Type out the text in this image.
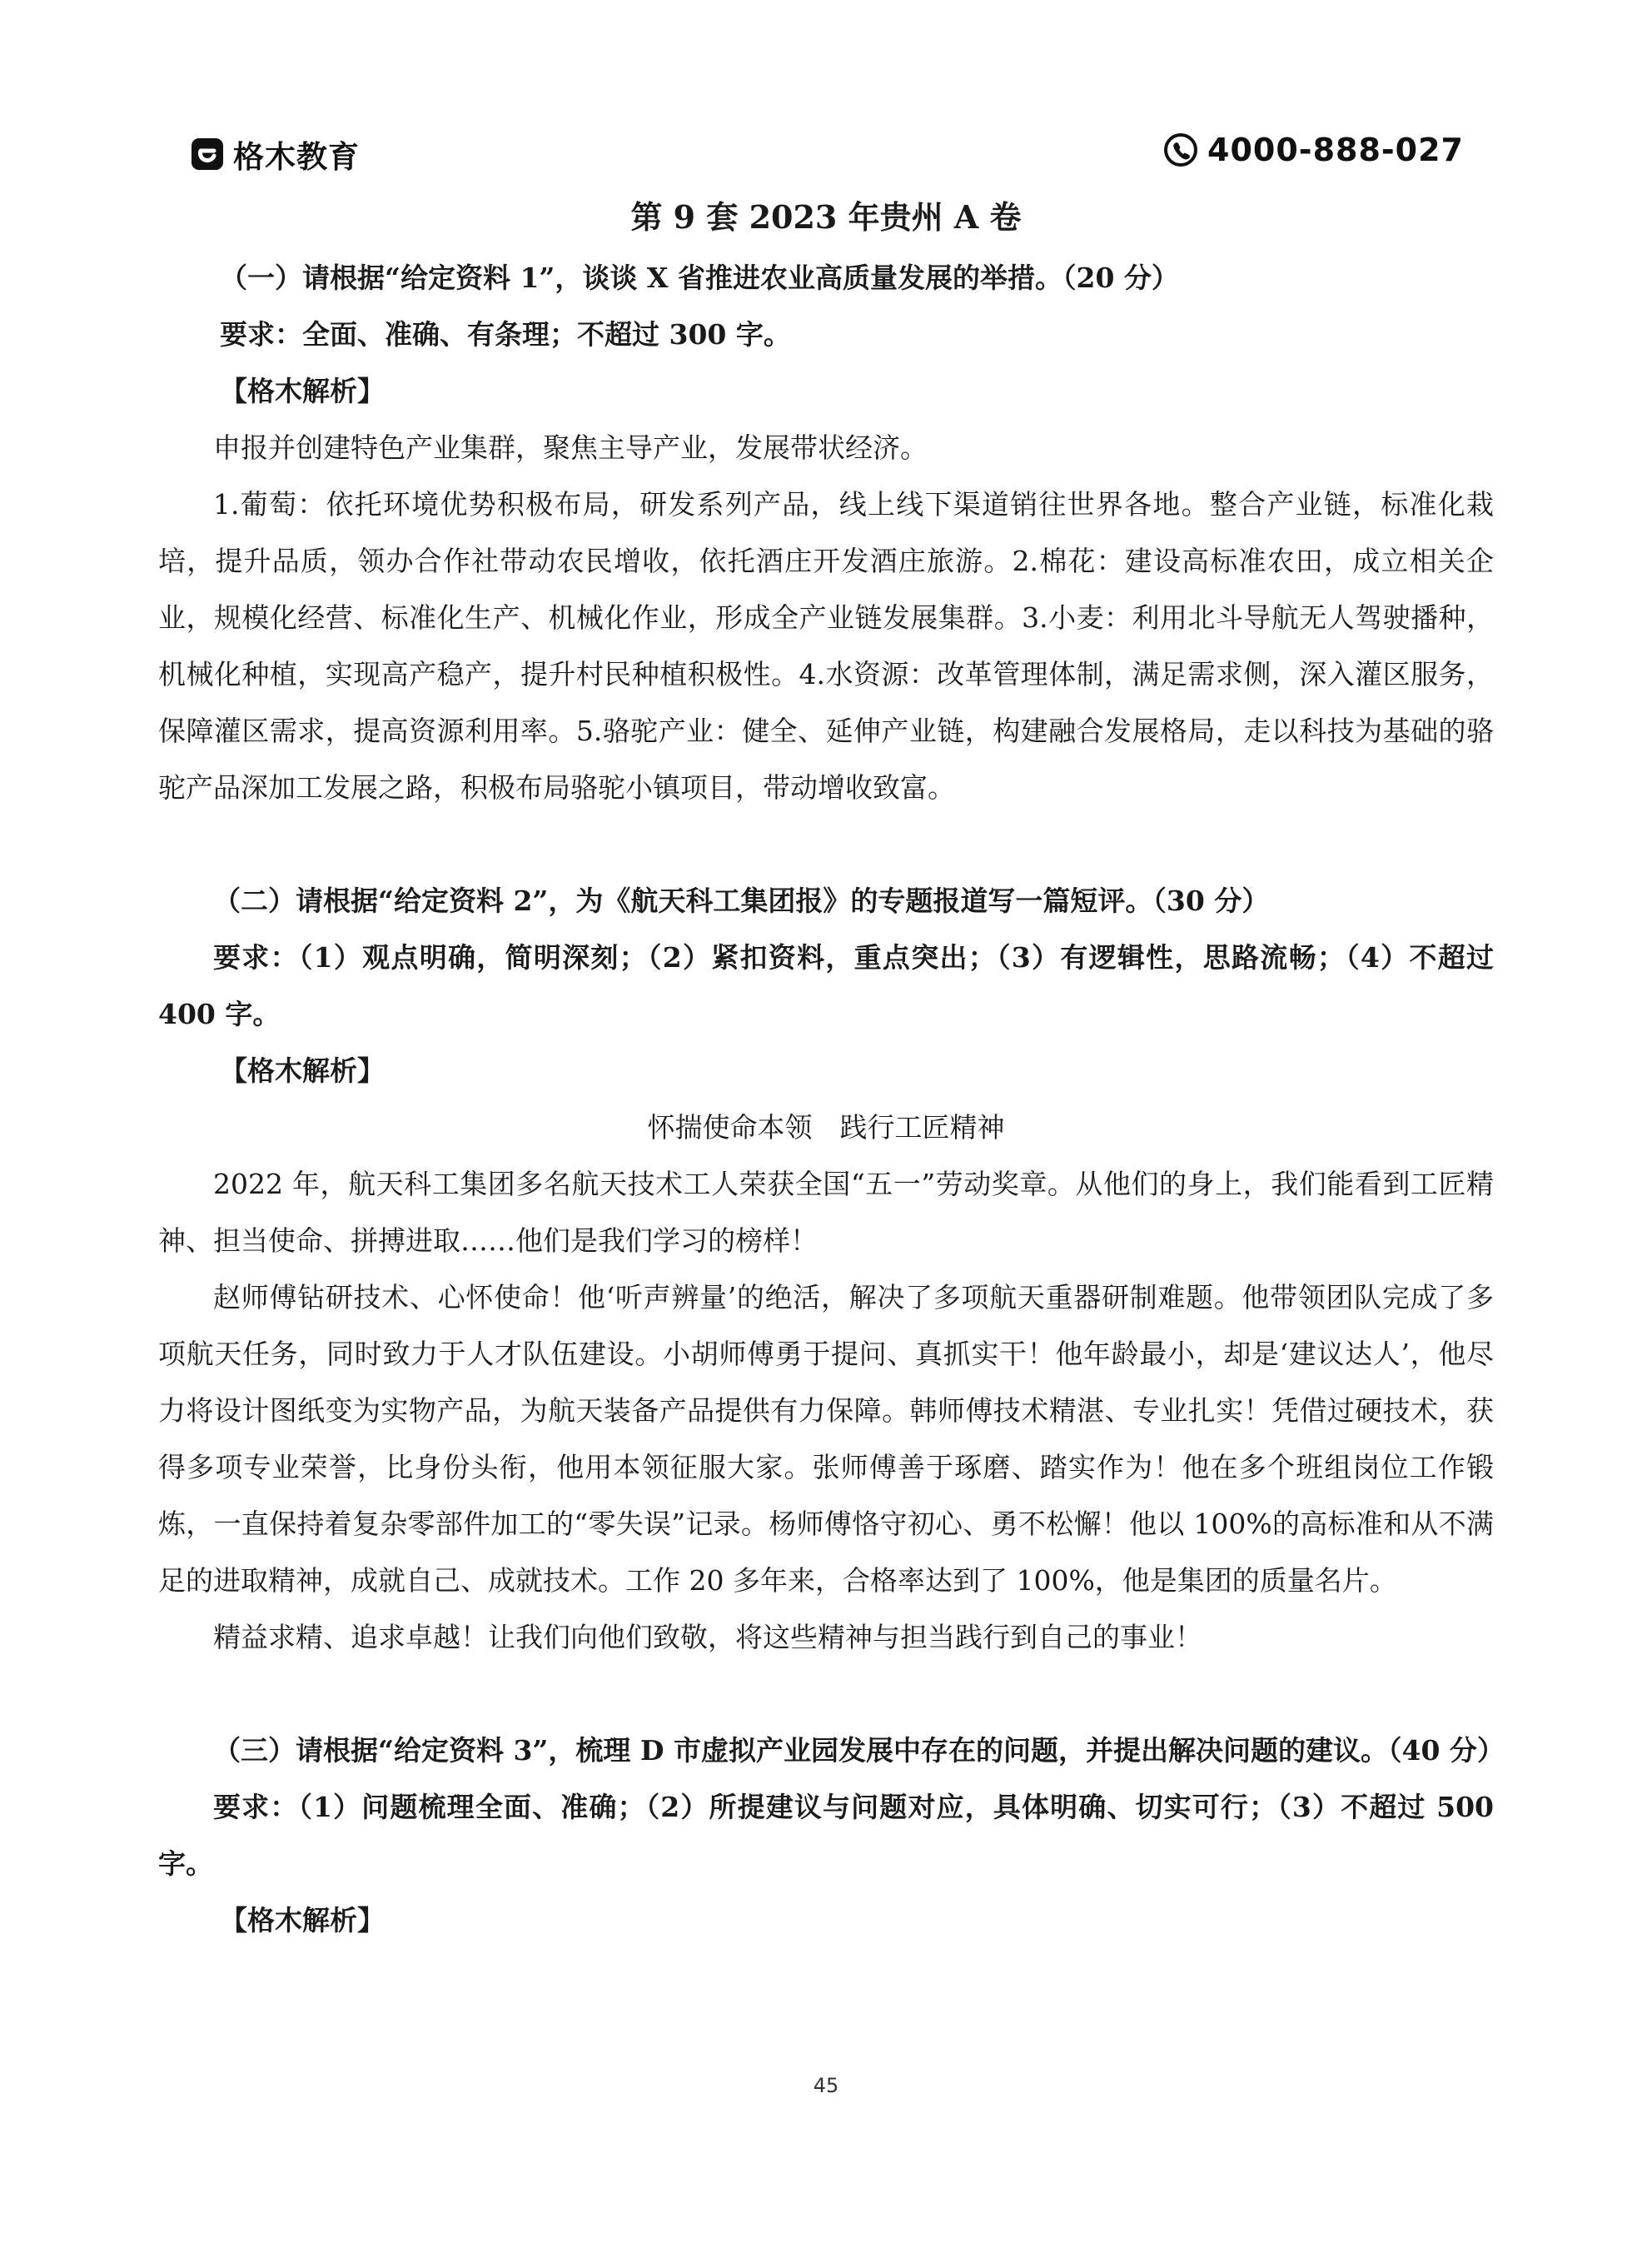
格木教育	4000-888-027

第 9 套 2023 年贵州 A 卷

（一）请根据“给定资料 1”，谈谈 X 省推进农业高质量发展的举措。（20 分）

要求：全面、准确、有条理；不超过 300 字。

【格木解析】

申报并创建特色产业集群，聚焦主导产业，发展带状经济。

1.葡萄：依托环境优势积极布局，研发系列产品，线上线下渠道销往世界各地。整合产业链，标准化栽培，提升品质，领办合作社带动农民增收，依托酒庄开发酒庄旅游。2.棉花：建设高标准农田，成立相关企业，规模化经营、标准化生产、机械化作业，形成全产业链发展集群。3.小麦：利用北斗导航无人驾驶播种，机械化种植，实现高产稳产，提升村民种植积极性。4.水资源：改革管理体制，满足需求侧，深入灌区服务，保障灌区需求，提高资源利用率。5.骆驼产业：健全、延伸产业链，构建融合发展格局，走以科技为基础的骆驼产品深加工发展之路，积极布局骆驼小镇项目，带动增收致富。

（二）请根据“给定资料 2”，为《航天科工集团报》的专题报道写一篇短评。（30 分）

要求：（1）观点明确，简明深刻；（2）紧扣资料，重点突出；（3）有逻辑性，思路流畅；（4）不超过 400 字。

【格木解析】

怀揣使命本领　践行工匠精神

2022 年，航天科工集团多名航天技术工人荣获全国“五一”劳动奖章。从他们的身上，我们能看到工匠精神、担当使命、拼搏进取……他们是我们学习的榜样！

赵师傅钻研技术、心怀使命！他‘听声辨量’的绝活，解决了多项航天重器研制难题。他带领团队完成了多项航天任务，同时致力于人才队伍建设。小胡师傅勇于提问、真抓实干！他年龄最小，却是‘建议达人’，他尽力将设计图纸变为实物产品，为航天装备产品提供有力保障。韩师傅技术精湛、专业扎实！凭借过硬技术，获得多项专业荣誉，比身份头衔，他用本领征服大家。张师傅善于琢磨、踏实作为！他在多个班组岗位工作锻炼，一直保持着复杂零部件加工的“零失误”记录。杨师傅恪守初心、勇不松懈！他以 100%的高标准和从不满足的进取精神，成就自己、成就技术。工作 20 多年来，合格率达到了 100%，他是集团的质量名片。

精益求精、追求卓越！让我们向他们致敬，将这些精神与担当践行到自己的事业！

（三）请根据“给定资料 3”，梳理 D 市虚拟产业园发展中存在的问题，并提出解决问题的建议。（40 分）

要求：（1）问题梳理全面、准确；（2）所提建议与问题对应，具体明确、切实可行；（3）不超过 500 字。

【格木解析】

45
